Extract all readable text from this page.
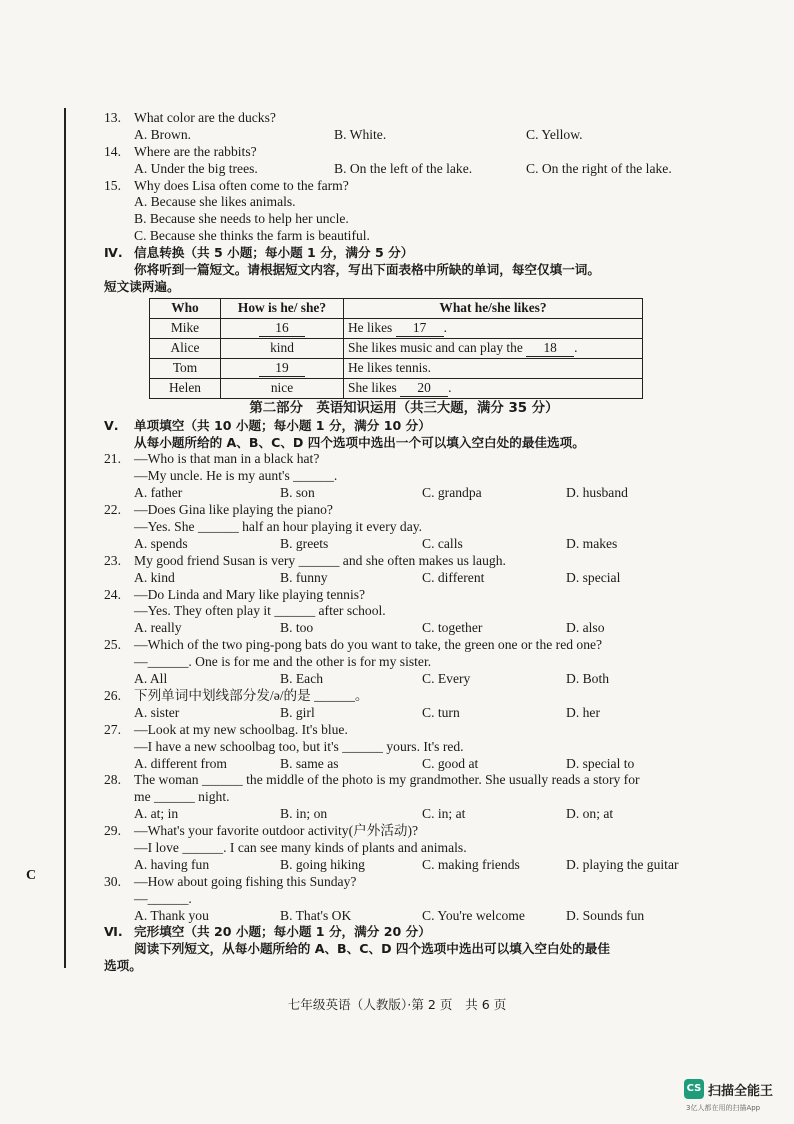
C
13. What color are the ducks?
A. Brown.	B. White.	C. Yellow.
14. Where are the rabbits?
A. Under the big trees.	B. On the left of the lake.	C. On the right of the lake.
15. Why does Lisa often come to the farm?
A. Because she likes animals.
B. Because she needs to help her uncle.
C. Because she thinks the farm is beautiful.
Ⅳ. 信息转换（共 5 小题；每小题 1 分，满分 5 分）
你将听到一篇短文。请根据短文内容，写出下面表格中所缺的单词，每空仅填一词。
短文读两遍。
Who	How is he/ she?	What he/she likes?
Mike	16	He likes 17 .
Alice	kind	She likes music and can play the 18 .
Tom	19	He likes tennis.
Helen	nice	She likes 20 .
第二部分　英语知识运用（共三大题，满分 35 分）
Ⅴ.	单项填空（共 10 小题；每小题 1 分，满分 10 分）
从每小题所给的 A、B、C、D 四个选项中选出一个可以填入空白处的最佳选项。
21. —Who is that man in a black hat?
—My uncle. He is my aunt's ______.
A. father	B. son	C. grandpa	D. husband
22. —Does Gina like playing the piano?
—Yes. She ______ half an hour playing it every day.
A. spends	B. greets	C. calls	D. makes
23. My good friend Susan is very ______ and she often makes us laugh.
A. kind	B. funny	C. different	D. special
24. —Do Linda and Mary like playing tennis?
—Yes. They often play it ______ after school.
A. really	B. too	C. together	D. also
25. —Which of the two ping-pong bats do you want to take, the green one or the red one?
—______. One is for me and the other is for my sister.
A. All	B. Each	C. Every	D. Both
26. 下列单词中划线部分发/ə/的是 ______。
A. sister	B. girl	C. turn	D. her
27. —Look at my new schoolbag. It's blue.
—I have a new schoolbag too, but it's ______ yours. It's red.
A. different from	B. same as	C. good at	D. special to
28. The woman ______ the middle of the photo is my grandmother. She usually reads a story for
me ______ night.
A. at; in	B. in; on	C. in; at	D. on; at
29. —What's your favorite outdoor activity(户外活动)?
—I love ______. I can see many kinds of plants and animals.
A. having fun	B. going hiking	C. making friends	D. playing the guitar
30. —How about going fishing this Sunday?
—______.
A. Thank you	B. That's OK	C. You're welcome	D. Sounds fun
Ⅵ. 完形填空（共 20 小题；每小题 1 分，满分 20 分）
阅读下列短文，从每小题所给的 A、B、C、D 四个选项中选出可以填入空白处的最佳
选项。
七年级英语（人教版）·第 2 页　共 6 页
CS 扫描全能王
3亿人都在用的扫描App
